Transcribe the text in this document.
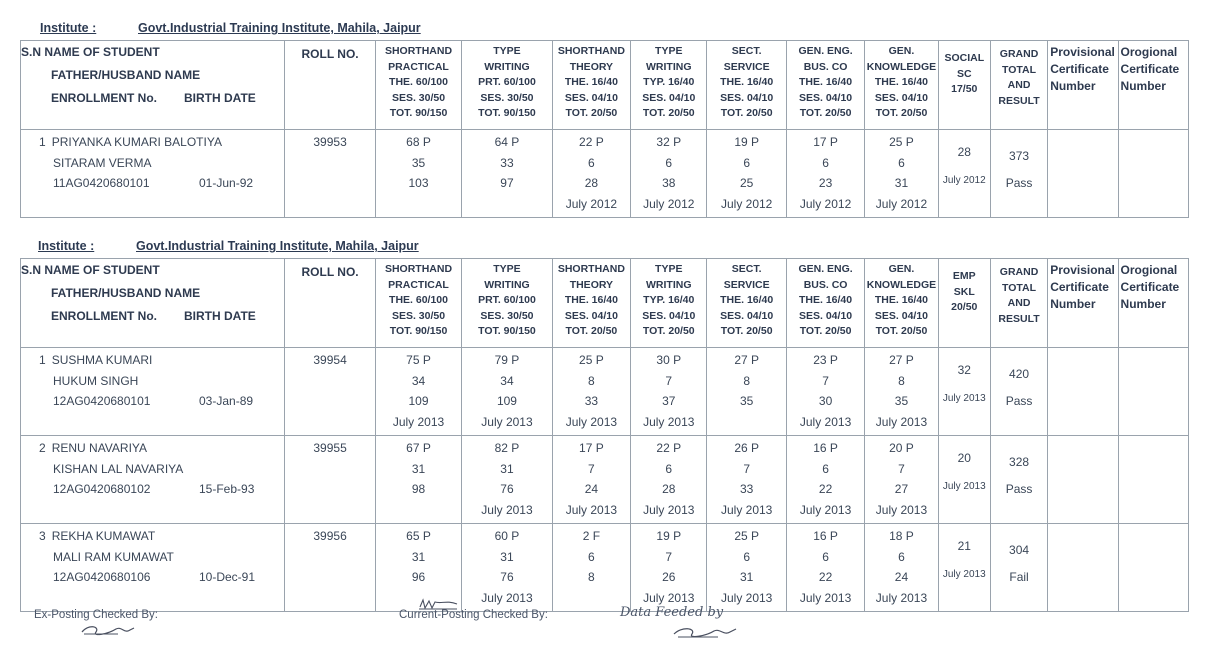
Institute :	Govt.Industrial Training Institute, Mahila, Jaipur
S.N NAME OF STUDENT
FATHER/HUSBAND NAME
ENROLLMENT No. BIRTH DATE	ROLL NO.	SHORTHAND
PRACTICAL
THE. 60/100
SES. 30/50
TOT. 90/150	TYPE
WRITING
PRT. 60/100
SES. 30/50
TOT. 90/150	SHORTHAND
THEORY
THE. 16/40
SES. 04/10
TOT. 20/50	TYPE
WRITING
TYP. 16/40
SES. 04/10
TOT. 20/50	SECT.
SERVICE
THE. 16/40
SES. 04/10
TOT. 20/50	GEN. ENG.
BUS. CO
THE. 16/40
SES. 04/10
TOT. 20/50	GEN.
KNOWLEDGE
THE. 16/40
SES. 04/10
TOT. 20/50	SOCIAL
SC
17/50	GRAND
TOTAL
AND
RESULT	Provisional
Certificate
Number	Orogional
Certificate
Number

1 PRIYANKA KUMARI BALOTIYA
SITARAM VERMA
11AG0420680101 01-Jun-92	39953	68 P
35
103	64 P
33
97	22 P
6
28
July 2012	32 P
6
38
July 2012	19 P
6
25
July 2012	17 P
6
23
July 2012	25 P
6
31
July 2012	28
July 2012	373
Pass		

Institute :	Govt.Industrial Training Institute, Mahila, Jaipur
S.N NAME OF STUDENT
FATHER/HUSBAND NAME
ENROLLMENT No. BIRTH DATE	ROLL NO.	SHORTHAND
PRACTICAL
THE. 60/100
SES. 30/50
TOT. 90/150	TYPE
WRITING
PRT. 60/100
SES. 30/50
TOT. 90/150	SHORTHAND
THEORY
THE. 16/40
SES. 04/10
TOT. 20/50	TYPE
WRITING
TYP. 16/40
SES. 04/10
TOT. 20/50	SECT.
SERVICE
THE. 16/40
SES. 04/10
TOT. 20/50	GEN. ENG.
BUS. CO
THE. 16/40
SES. 04/10
TOT. 20/50	GEN.
KNOWLEDGE
THE. 16/40
SES. 04/10
TOT. 20/50	EMP
SKL
20/50	GRAND
TOTAL
AND
RESULT	Provisional
Certificate
Number	Orogional
Certificate
Number

1 SUSHMA KUMARI
HUKUM SINGH
12AG0420680101 03-Jan-89	39954	75 P
34
109
July 2013	79 P
34
109
July 2013	25 P
8
33
July 2013	30 P
7
37
July 2013	27 P
8
35	23 P
7
30
July 2013	27 P
8
35
July 2013	32
July 2013	420
Pass		

2 RENU NAVARIYA
KISHAN LAL NAVARIYA
12AG0420680102 15-Feb-93	39955	67 P
31
98	82 P
31
76
July 2013	17 P
7
24
July 2013	22 P
6
28
July 2013	26 P
7
33
July 2013	16 P
6
22
July 2013	20 P
7
27
July 2013	20
July 2013	328
Pass		

3 REKHA KUMAWAT
MALI RAM KUMAWAT
12AG0420680106 10-Dec-91	39956	65 P
31
96	60 P
31
76
July 2013	2 F
6
8	19 P
7
26
July 2013	25 P
6
31
July 2013	16 P
6
22
July 2013	18 P
6
24
July 2013	21
July 2013	304
Fail		

Ex-Posting Checked By:	Current-Posting Checked By:	Data Feeded by
